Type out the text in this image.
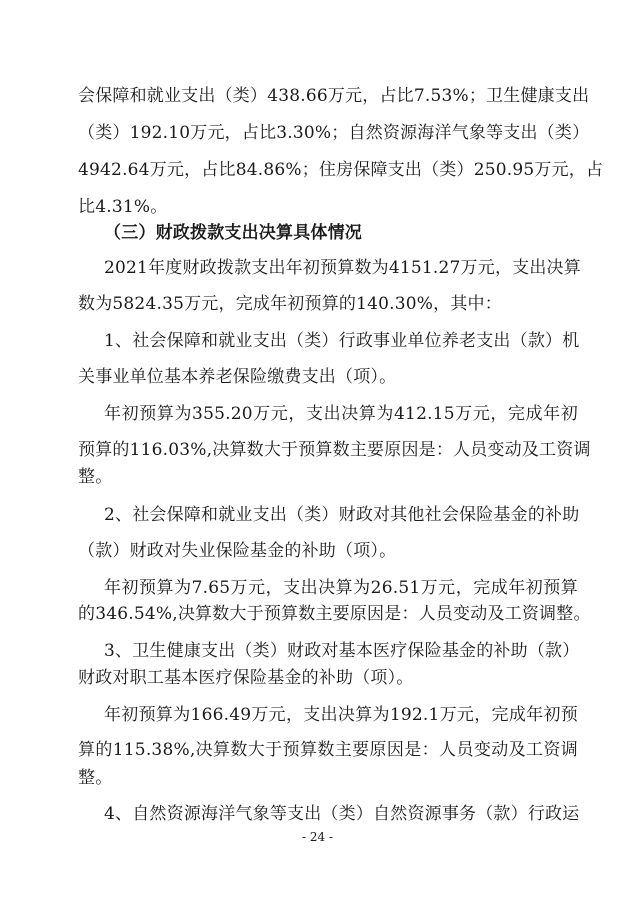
会保障和就业支出（类）438.66万元，占比7.53%；卫生健康支出
（类）192.10万元，占比3.30%；自然资源海洋气象等支出（类）
4942.64万元，占比84.86%；住房保障支出（类）250.95万元，占
比4.31%。
（三）财政拨款支出决算具体情况
2021年度财政拨款支出年初预算数为4151.27万元，支出决算
数为5824.35万元，完成年初预算的140.30%，其中：
1、社会保障和就业支出（类）行政事业单位养老支出（款）机
关事业单位基本养老保险缴费支出（项）。
年初预算为355.20万元，支出决算为412.15万元，完成年初
预算的116.03%,决算数大于预算数主要原因是：人员变动及工资调
整。
2、社会保障和就业支出（类）财政对其他社会保险基金的补助
（款）财政对失业保险基金的补助（项）。
年初预算为7.65万元，支出决算为26.51万元，完成年初预算
的346.54%,决算数大于预算数主要原因是：人员变动及工资调整。
3、卫生健康支出（类）财政对基本医疗保险基金的补助（款）
财政对职工基本医疗保险基金的补助（项）。
年初预算为166.49万元，支出决算为192.1万元，完成年初预
算的115.38%,决算数大于预算数主要原因是：人员变动及工资调
整。
4、自然资源海洋气象等支出（类）自然资源事务（款）行政运
- 24 -
